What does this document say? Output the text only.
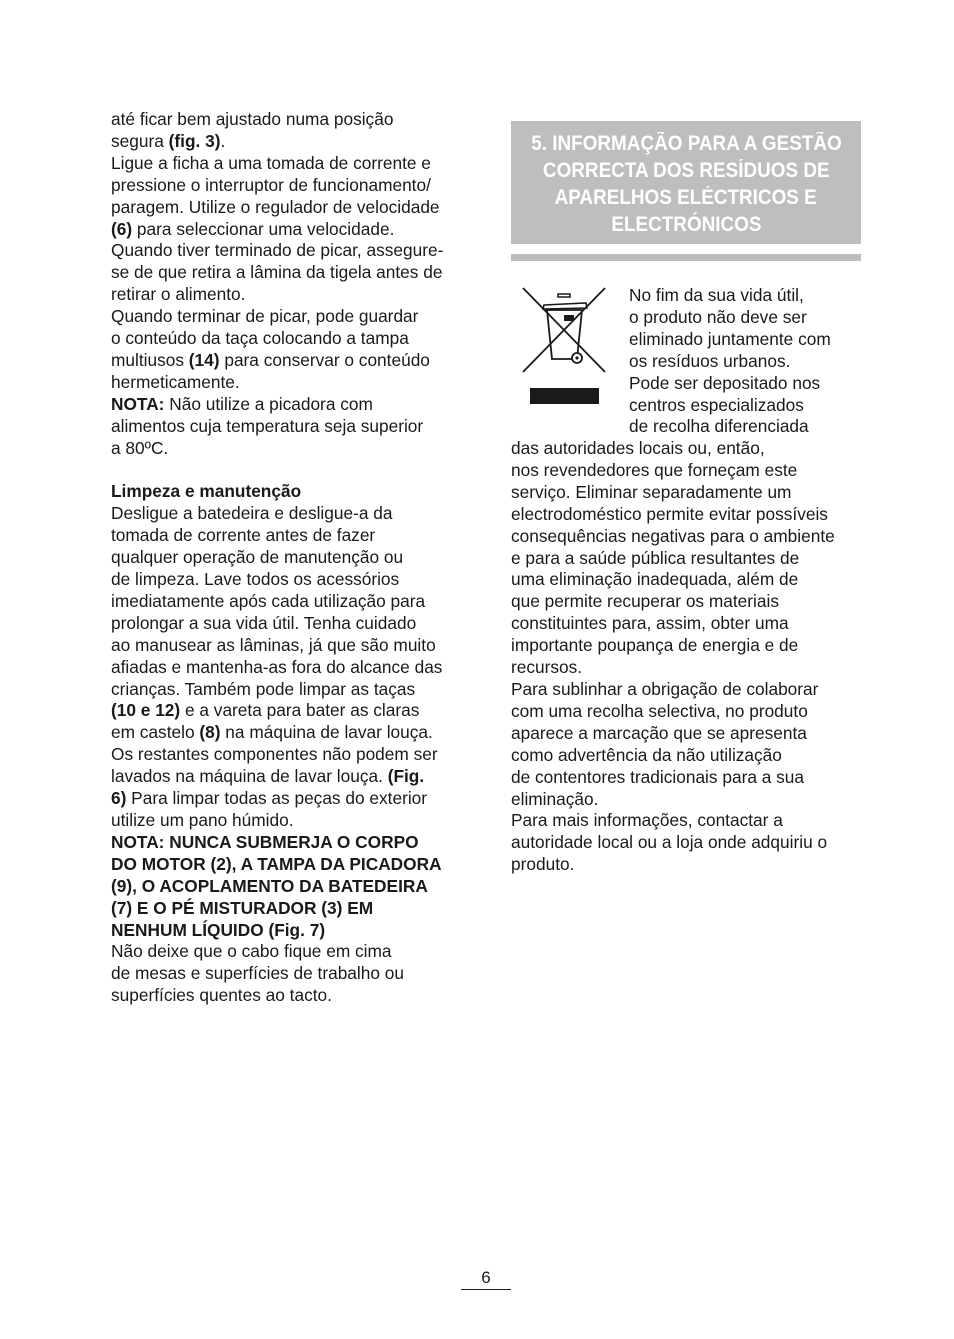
até ficar bem ajustado numa posição
segura (fig. 3).
Ligue a ficha a uma tomada de corrente e
pressione o interruptor de funcionamento/
paragem. Utilize o regulador de velocidade
(6) para seleccionar uma velocidade.
Quando tiver terminado de picar, assegure-
se de que retira a lâmina da tigela antes de
retirar o alimento.
Quando terminar de picar, pode guardar
o conteúdo da taça colocando a tampa
multiusos (14) para conservar o conteúdo
hermeticamente.
NOTA: Não utilize a picadora com
alimentos cuja temperatura seja superior
a 80ºC.
Limpeza e manutenção
Desligue a batedeira e desligue-a da
tomada de corrente antes de fazer
qualquer operação de manutenção ou
de limpeza. Lave todos os acessórios
imediatamente após cada utilização para
prolongar a sua vida útil. Tenha cuidado
ao manusear as lâminas, já que são muito
afiadas e mantenha-as fora do alcance das
crianças. Também pode limpar as taças
(10 e 12) e a vareta para bater as claras
em castelo (8) na máquina de lavar louça.
Os restantes componentes não podem ser
lavados na máquina de lavar louça. (Fig.
6) Para limpar todas as peças do exterior
utilize um pano húmido.
NOTA: NUNCA SUBMERJA O CORPO
DO MOTOR (2), A TAMPA DA PICADORA
(9), O ACOPLAMENTO DA BATEDEIRA
(7) E O PÉ MISTURADOR (3) EM
NENHUM LÍQUIDO (Fig. 7)
Não deixe que o cabo fique em cima
de mesas e superfícies de trabalho ou
superfícies quentes ao tacto.
5. INFORMAÇÃO PARA A GESTÃO
CORRECTA DOS RESÍDUOS DE
APARELHOS ELÉCTRICOS E
ELECTRÓNICOS
No fim da sua vida útil,
o produto não deve ser
eliminado juntamente com
os resíduos urbanos.
Pode ser depositado nos
centros especializados
de recolha diferenciada
das autoridades locais ou, então,
nos revendedores que forneçam este
serviço. Eliminar separadamente um
electrodoméstico permite evitar possíveis
consequências negativas para o ambiente
e para a saúde pública resultantes de
uma eliminação inadequada, além de
que permite recuperar os materiais
constituintes para, assim, obter uma
importante poupança de energia e de
recursos.
Para sublinhar a obrigação de colaborar
com uma recolha selectiva, no produto
aparece a marcação que se apresenta
como advertência da não utilização
de contentores tradicionais para a sua
eliminação.
Para mais informações, contactar a
autoridade local ou a loja onde adquiriu o
produto.
6
